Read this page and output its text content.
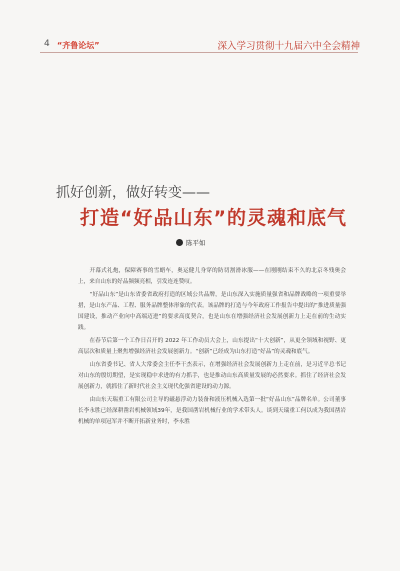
4 “齐鲁论坛”	深入学习贯彻十九届六中全会精神
抓好创新，做好转变——
打造“好品山东”的灵魂和底气
陈平如

开幕式礼炮，保障赛事的雪蜡车，奥运健儿身穿的防切割滑冰服——在刚刚结束不久的北京冬残奥会上，来自山东的好品频频亮相，引发连连赞叹。

“好品山东”是山东省委省政府打造的区域公共品牌，是山东深入实施质量强省和品牌战略的一项重要举措，是山东产品、工程、服务品牌整体形象的代表。该品牌的打造与今年政府工作报告中提出的“推进质量强国建设，推动产业向中高端迈进”的要求高度契合，也是山东在增强经济社会发展创新力上走在前的生动实践。

在春节后第一个工作日召开的 2022 年工作动员大会上，山东提出“十大创新”，从更全领域和视野、更高层次和质量上聚焦增强经济社会发展创新力。“创新”已经成为山东打造“好品”的灵魂和底气。

山东省委书记、省人大常委会主任李干杰表示，在增强经济社会发展创新力上走在前，是习近平总书记对山东的殷切期望，是实现稳中求进的有力抓手，也是推动山东高质量发展的必然要求。抓住了经济社会发展创新力，就抓住了新时代社会主义现代化强省建设的动力源。

由山东天瑞重工有限公司主导的磁悬浮动力装备和液压机械入选第一批“好品山东”品牌名单。公司董事长李永胜已经深耕凿岩机械领域39年，是我国凿岩机械行业的学术带头人。谈到天瑞重工何以成为我国凿岩机械的单项冠军并不断开拓新业务时，李永胜
